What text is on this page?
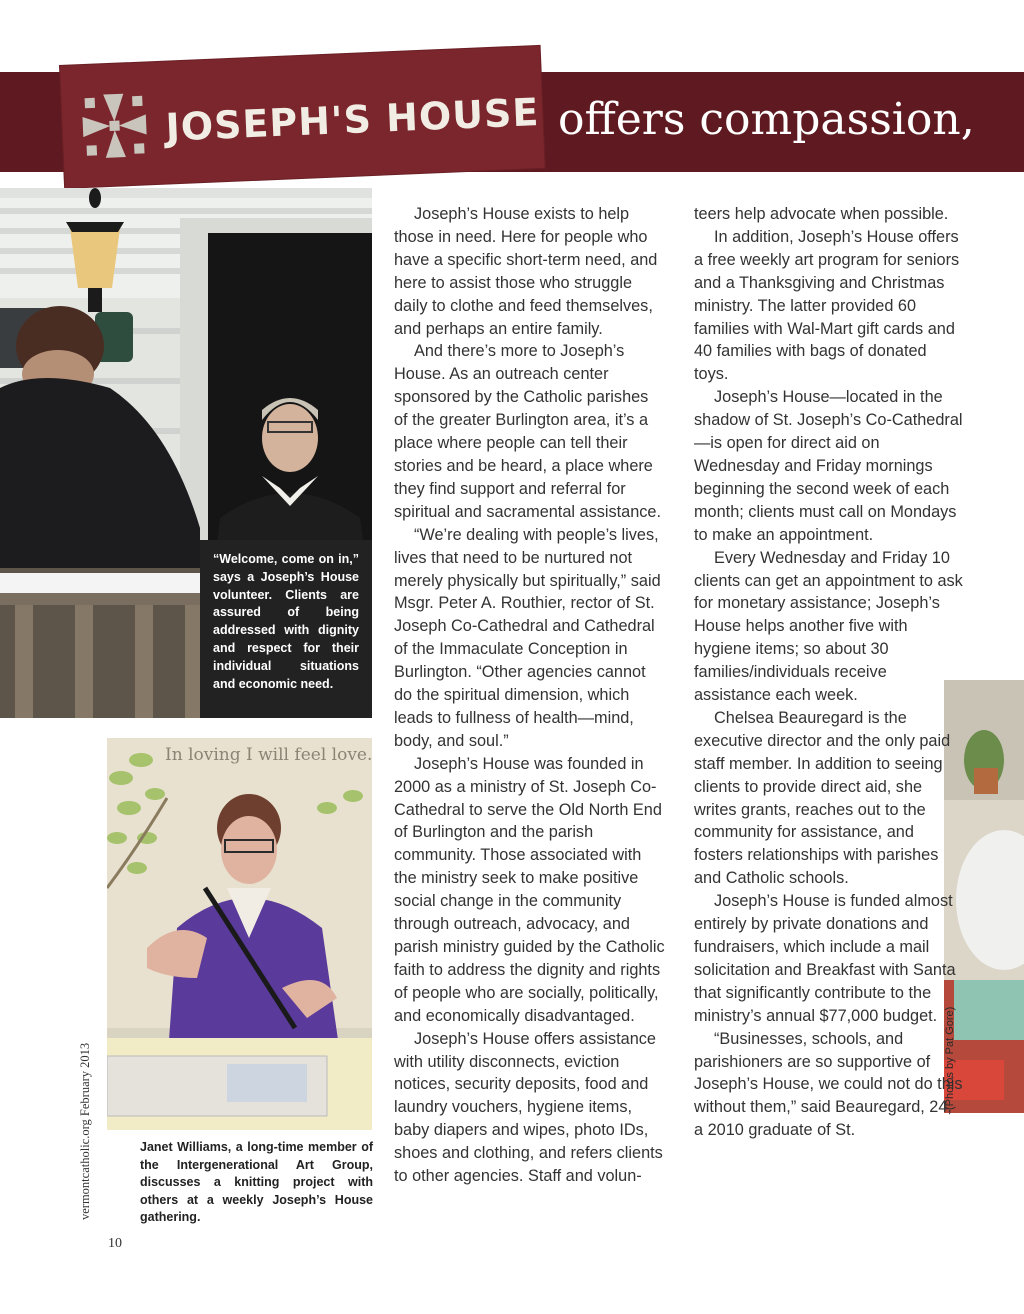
JOSEPH'S HOUSE offers compassion,
“Welcome, come on in,” says a Joseph’s House volunteer. Clients are assured of being addressed with dignity and respect for their individual situations and economic need.
In loving I will feel love.
Janet Williams, a long-time member of the Intergenerational Art Group, discusses a knitting project with others at a weekly Joseph’s House gathering.

Joseph’s House exists to help those in need. Here for people who have a specific short-term need, and here to assist those who struggle daily to clothe and feed themselves, and perhaps an entire family.

And there’s more to Joseph’s House. As an outreach center sponsored by the Catholic parishes of the greater Burlington area, it’s a place where people can tell their stories and be heard, a place where they find support and referral for spiritual and sacramental assistance.

“We’re dealing with people’s lives, lives that need to be nurtured not merely physically but spiritually,” said Msgr. Peter A. Routhier, rector of St. Joseph Co-Cathedral and Cathedral of the Immaculate Conception in Burlington. “Other agencies cannot do the spiritual dimension, which leads to fullness of health—mind, body, and soul.”

Joseph’s House was founded in 2000 as a ministry of St. Joseph Co-Cathedral to serve the Old North End of Burlington and the parish community. Those associated with the ministry seek to make positive social change in the community through outreach, advocacy, and parish ministry guided by the Catholic faith to address the dignity and rights of people who are socially, politically, and economically disadvantaged.

Joseph’s House offers assistance with utility disconnects, eviction notices, security deposits, food and laundry vouchers, hygiene items, baby diapers and wipes, photo IDs, shoes and clothing, and refers clients to other agencies. Staff and volun-

teers help advocate when possible.

In addition, Joseph’s House offers a free weekly art program for seniors and a Thanksgiving and Christmas ministry. The latter provided 60 families with Wal-Mart gift cards and 40 families with bags of donated toys.

Joseph’s House—located in the shadow of St. Joseph’s Co-Cathedral—is open for direct aid on Wednesday and Friday mornings beginning the second week of each month; clients must call on Mondays to make an appointment.

Every Wednesday and Friday 10 clients can get an appointment to ask for monetary assistance; Joseph’s House helps another five with hygiene items; so about 30 families/individuals receive assistance each week.

Chelsea Beauregard is the executive director and the only paid staff member. In addition to seeing clients to provide direct aid, she writes grants, reaches out to the community for assistance, and fosters relationships with parishes and Catholic schools.

Joseph’s House is funded almost entirely by private donations and fundraisers, which include a mail solicitation and Breakfast with Santa that significantly contribute to the ministry’s annual $77,000 budget.

“Businesses, schools, and parishioners are so supportive of Joseph’s House, we could not do this without them,” said Beauregard, 24, a 2010 graduate of St.

vermontcatholic.org February 2013	(Photos by Pat Gore)
10
